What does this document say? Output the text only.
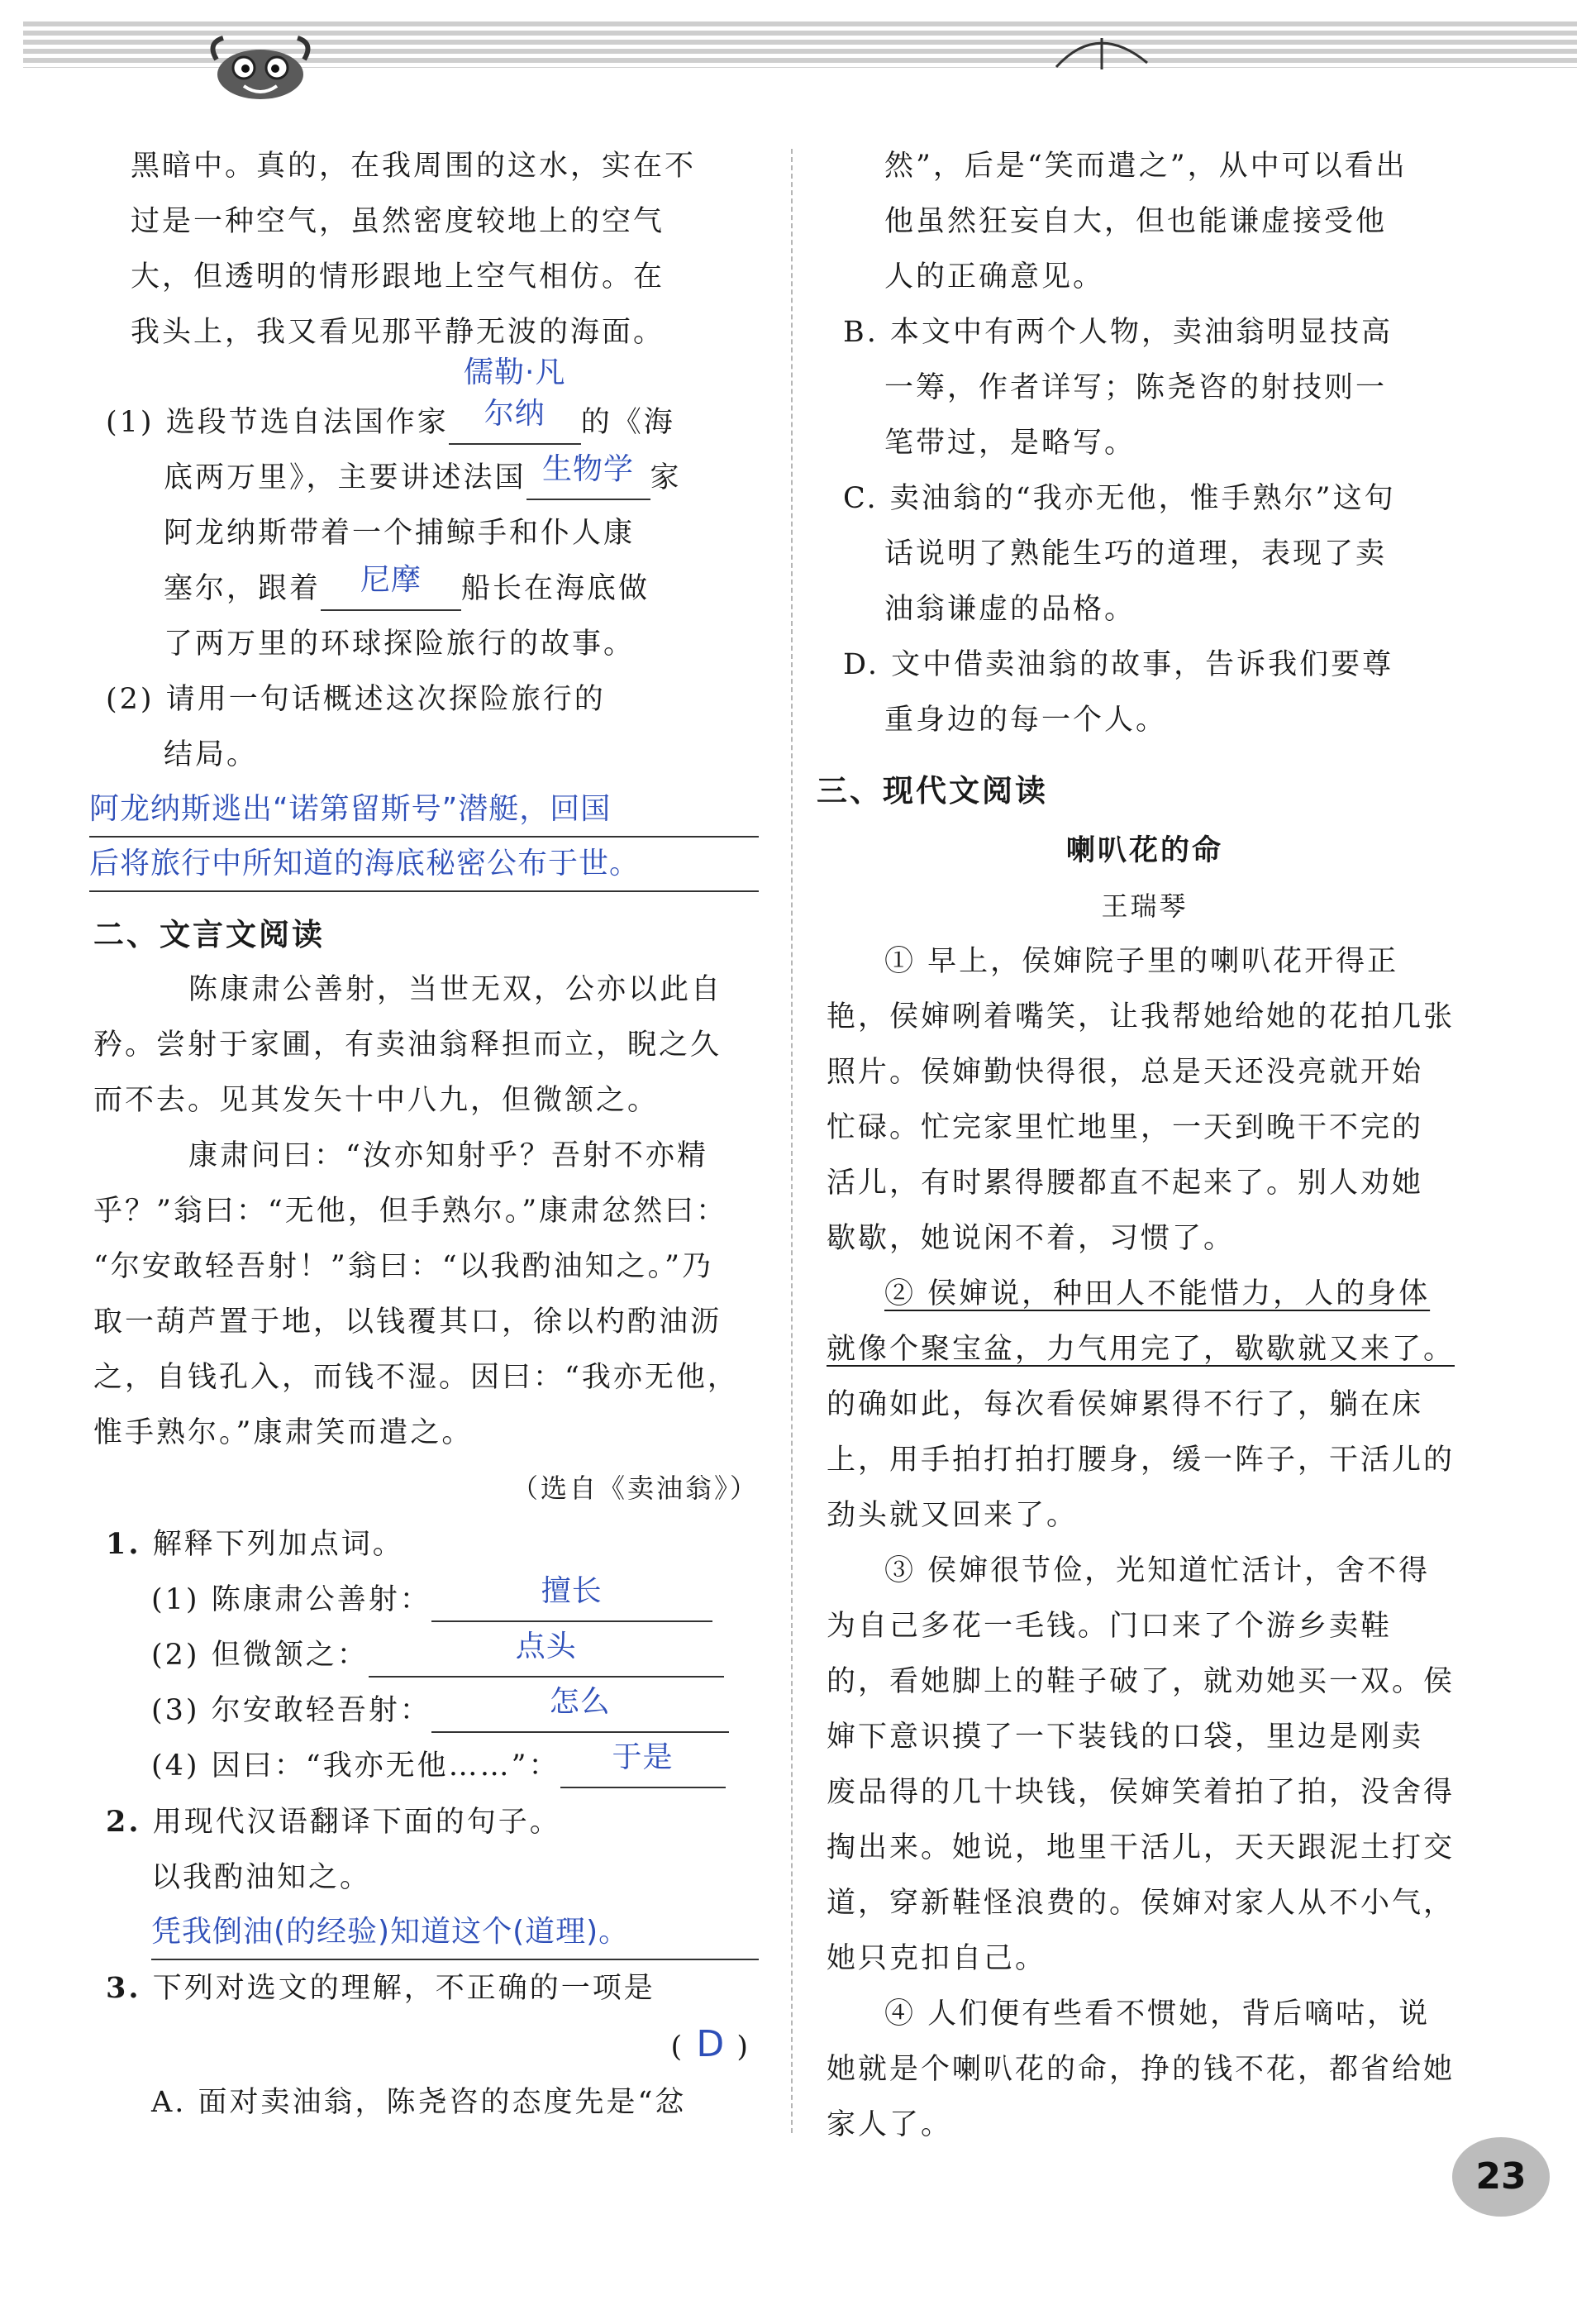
黑暗中。真的，在我周围的这水，实在不

过是一种空气，虽然密度较地上的空气

大，但透明的情形跟地上空气相仿。在

我头上，我又看见那平静无波的海面。

(1) 选段节选自法国作家儒勒·凡尔纳 的《海

底两万里》，主要讲述法国 生物学 家

阿龙纳斯带着一个捕鲸手和仆人康

塞尔，跟着 尼摩 船长在海底做

了两万里的环球探险旅行的故事。

(2) 请用一句话概述这次探险旅行的

结局。

阿龙纳斯逃出“诺第留斯号”潜艇，回国
后将旅行中所知道的海底秘密公布于世。

二、文言文阅读

陈康肃公善射，当世无双，公亦以此自

矜。尝射于家圃，有卖油翁释担而立，睨之久

而不去。见其发矢十中八九，但微颔之。

康肃问曰：“汝亦知射乎？吾射不亦精

乎？”翁曰：“无他，但手熟尔。”康肃忿然曰：

“尔安敢轻吾射！”翁曰：“以我酌油知之。”乃

取一葫芦置于地，以钱覆其口，徐以杓酌油沥

之，自钱孔入，而钱不湿。因曰：“我亦无他，

惟手熟尔。”康肃笑而遣之。

（选自《卖油翁》）

1. 解释下列加点词。

(1) 陈康肃公善射：	擅长

(2) 但微颔之：	点头

(3) 尔安敢轻吾射：	怎么

(4) 因曰：“我亦无他……”： 于是

2. 用现代汉语翻译下面的句子。

以我酌油知之。

凭我倒油(的经验)知道这个(道理)。

3. 下列对选文的理解，不正确的一项是

( D )

A. 面对卖油翁，陈尧咨的态度先是“忿

然”，后是“笑而遣之”，从中可以看出

他虽然狂妄自大，但也能谦虚接受他

人的正确意见。

B. 本文中有两个人物，卖油翁明显技高

一筹，作者详写；陈尧咨的射技则一

笔带过，是略写。

C. 卖油翁的“我亦无他，惟手熟尔”这句

话说明了熟能生巧的道理，表现了卖

油翁谦虚的品格。

D. 文中借卖油翁的故事，告诉我们要尊

重身边的每一个人。

三、现代文阅读

喇叭花的命

王瑞琴

① 早上，侯婶院子里的喇叭花开得正

艳，侯婶咧着嘴笑，让我帮她给她的花拍几张

照片。侯婶勤快得很，总是天还没亮就开始

忙碌。忙完家里忙地里，一天到晚干不完的

活儿，有时累得腰都直不起来了。别人劝她

歇歇，她说闲不着，习惯了。

② 侯婶说，种田人不能惜力，人的身体

就像个聚宝盆，力气用完了，歇歇就又来了。

的确如此，每次看侯婶累得不行了，躺在床

上，用手拍打拍打腰身，缓一阵子，干活儿的

劲头就又回来了。

③ 侯婶很节俭，光知道忙活计，舍不得

为自己多花一毛钱。门口来了个游乡卖鞋

的，看她脚上的鞋子破了，就劝她买一双。侯

婶下意识摸了一下装钱的口袋，里边是刚卖

废品得的几十块钱，侯婶笑着拍了拍，没舍得

掏出来。她说，地里干活儿，天天跟泥土打交

道，穿新鞋怪浪费的。侯婶对家人从不小气，

她只克扣自己。

④ 人们便有些看不惯她，背后嘀咕，说

她就是个喇叭花的命，挣的钱不花，都省给她

家人了。

23
